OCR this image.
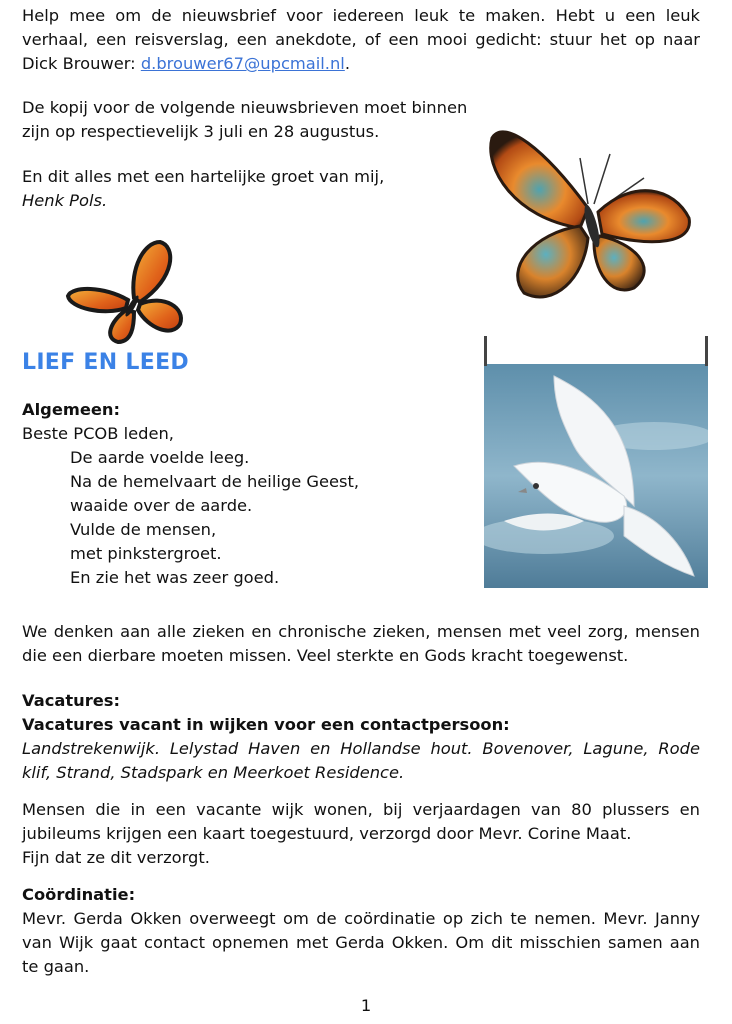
Help mee om de nieuwsbrief voor iedereen leuk te maken. Hebt u een leuk
verhaal, een reisverslag, een anekdote, of een mooi gedicht: stuur het op naar
Dick Brouwer: d.brouwer67@upcmail.nl.
De kopij voor de volgende nieuwsbrieven moet binnen
zijn op respectievelijk 3 juli en 28 augustus.
En dit alles met een hartelijke groet van mij,
Henk Pols.
LIEF EN LEED
Algemeen:
Beste PCOB leden,
De aarde voelde leeg.
Na de hemelvaart de heilige Geest,
waaide over de aarde.
Vulde de mensen,
met pinkstergroet.
En zie het was zeer goed.
We denken aan alle zieken en chronische zieken, mensen met veel zorg, mensen
die een dierbare moeten missen. Veel sterkte en Gods kracht toegewenst.
Vacatures:
Vacatures vacant in wijken voor een contactpersoon:
Landstrekenwijk. Lelystad Haven en Hollandse hout. Bovenover, Lagune, Rode
klif, Strand, Stadspark en Meerkoet Residence.
Mensen die in een vacante wijk wonen, bij verjaardagen van 80 plussers en
jubileums krijgen een kaart toegestuurd, verzorgd door Mevr. Corine Maat.
Fijn dat ze dit verzorgt.
Coördinatie:
Mevr. Gerda Okken overweegt om de coördinatie op zich te nemen. Mevr. Janny
van Wijk gaat contact opnemen met Gerda Okken. Om dit misschien samen aan
te gaan.
1
